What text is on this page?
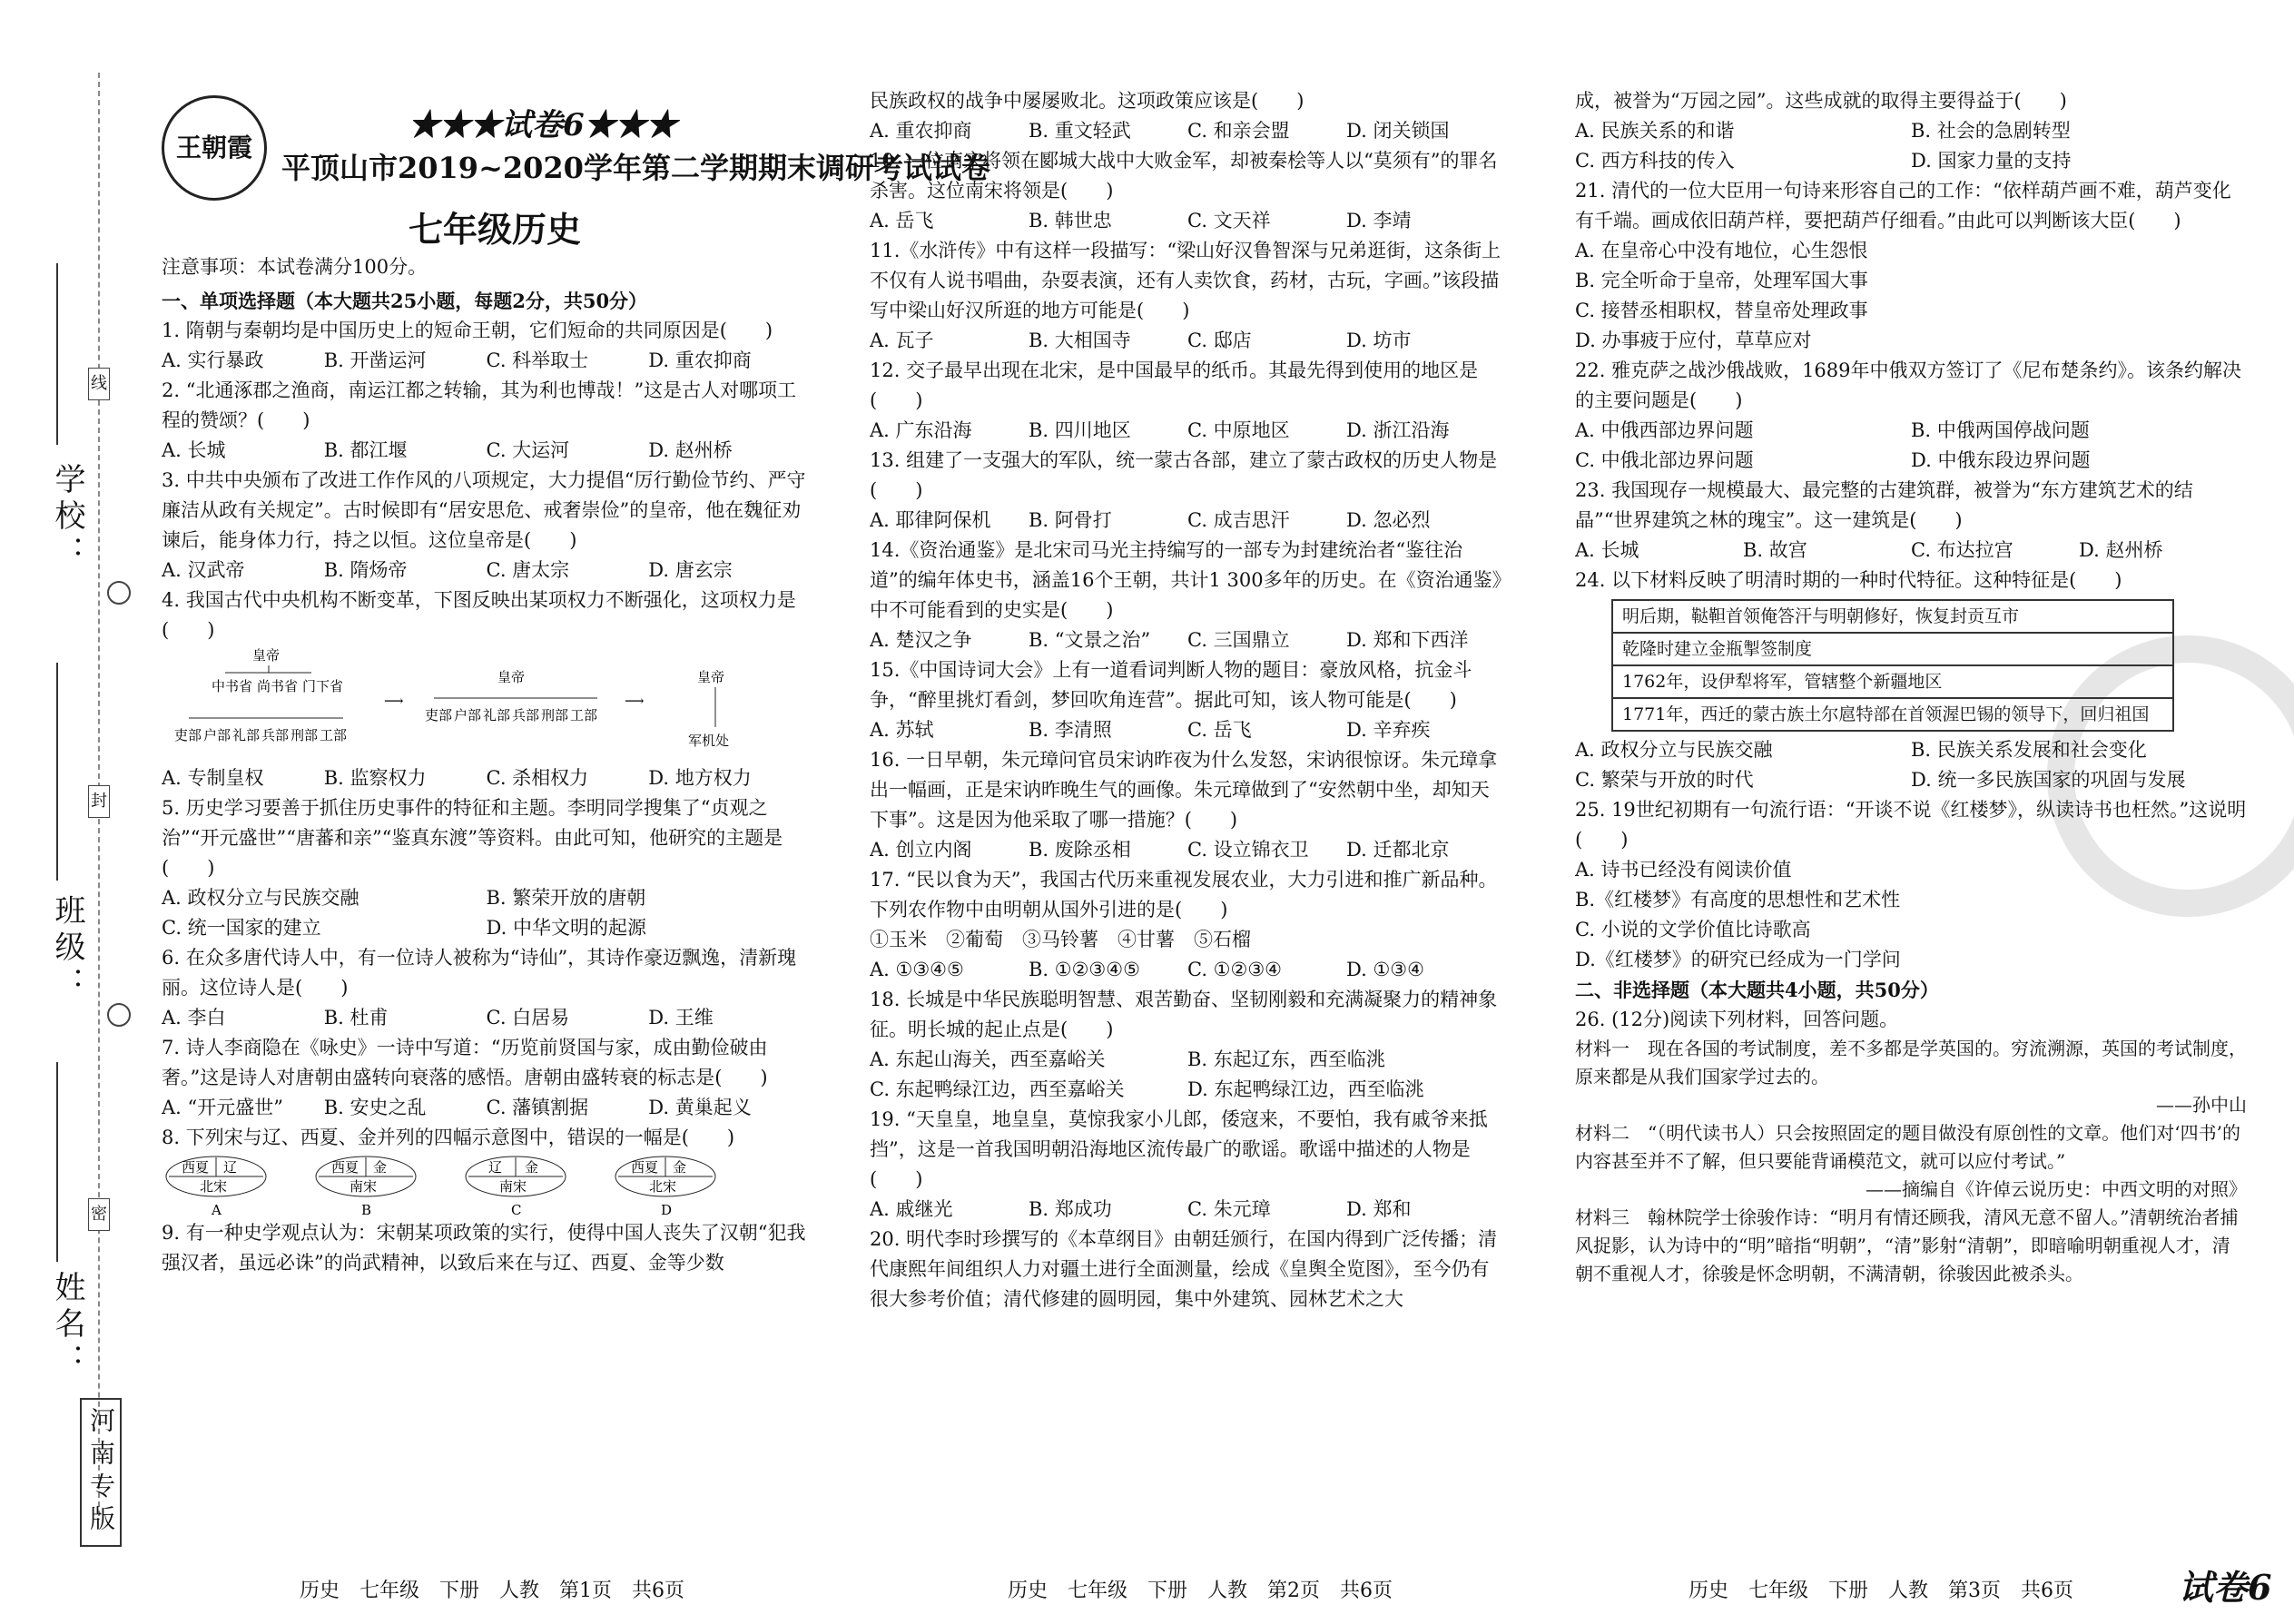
学校：
班级：
姓名：
线
封
密
河南专版
王朝霞
★★★试卷6★★★
平顶山市2019~2020学年第二学期期末调研考试试卷
七年级历史
注意事项：本试卷满分100分。

一、单项选择题（本大题共25小题，每题2分，共50分）

1. 隋朝与秦朝均是中国历史上的短命王朝，它们短命的共同原因是(　　)

A. 实行暴政	B. 开凿运河	C. 科举取士	D. 重农抑商

2. “北通涿郡之渔商，南运江都之转输，其为利也博哉！”这是古人对哪项工程的赞颂？(　　)

A. 长城	B. 都江堰	C. 大运河	D. 赵州桥

3. 中共中央颁布了改进工作作风的八项规定，大力提倡“厉行勤俭节约、严守廉洁从政有关规定”。古时候即有“居安思危、戒奢崇俭”的皇帝，他在魏征劝谏后，能身体力行，持之以恒。这位皇帝是(　　)

A. 汉武帝	B. 隋炀帝	C. 唐太宗	D. 唐玄宗

4. 我国古代中央机构不断变革，下图反映出某项权力不断强化，这项权力是(　　)

皇帝
中书省 尚书省 门下省
吏部 户部 礼部 兵部 刑部 工部
⟶
皇帝
吏部 户部 礼部 兵部 刑部 工部
⟶
皇帝
军机处
A. 专制皇权	B. 监察权力	C. 杀相权力	D. 地方权力

5. 历史学习要善于抓住历史事件的特征和主题。李明同学搜集了“贞观之治”“开元盛世”“唐蕃和亲”“鉴真东渡”等资料。由此可知，他研究的主题是(　　)

A. 政权分立与民族交融	B. 繁荣开放的唐朝
C. 统一国家的建立	D. 中华文明的起源

6. 在众多唐代诗人中，有一位诗人被称为“诗仙”，其诗作豪迈飘逸，清新瑰丽。这位诗人是(　　)

A. 李白	B. 杜甫	C. 白居易	D. 王维

7. 诗人李商隐在《咏史》一诗中写道：“历览前贤国与家，成由勤俭破由奢。”这是诗人对唐朝由盛转向衰落的感悟。唐朝由盛转衰的标志是(　　)

A. “开元盛世”	B. 安史之乱	C. 藩镇割据	D. 黄巢起义

8. 下列宋与辽、西夏、金并列的四幅示意图中，错误的一幅是(　　)

西夏 辽
北宋
A
西夏 金
南宋
B
辽 金
南宋
C
西夏 金
北宋
D

9. 有一种史学观点认为：宋朝某项政策的实行，使得中国人丧失了汉朝“犯我强汉者，虽远必诛”的尚武精神，以致后来在与辽、西夏、金等少数

历史　七年级　下册　人教　第1页　共6页

民族政权的战争中屡屡败北。这项政策应该是(　　)

A. 重农抑商	B. 重文轻武	C. 和亲会盟	D. 闭关锁国

10. 一位南宋将领在郾城大战中大败金军，却被秦桧等人以“莫须有”的罪名杀害。这位南宋将领是(　　)

A. 岳飞	B. 韩世忠	C. 文天祥	D. 李靖

11.《水浒传》中有这样一段描写：“梁山好汉鲁智深与兄弟逛街，这条街上不仅有人说书唱曲，杂耍表演，还有人卖饮食，药材，古玩，字画。”该段描写中梁山好汉所逛的地方可能是(　　)

A. 瓦子	B. 大相国寺	C. 邸店	D. 坊市

12. 交子最早出现在北宋，是中国最早的纸币。其最先得到使用的地区是(　　)

A. 广东沿海	B. 四川地区	C. 中原地区	D. 浙江沿海

13. 组建了一支强大的军队，统一蒙古各部，建立了蒙古政权的历史人物是(　　)

A. 耶律阿保机	B. 阿骨打	C. 成吉思汗	D. 忽必烈

14.《资治通鉴》是北宋司马光主持编写的一部专为封建统治者“鉴往治道”的编年体史书，涵盖16个王朝，共计1 300多年的历史。在《资治通鉴》中不可能看到的史实是(　　)

A. 楚汉之争	B. “文景之治”	C. 三国鼎立	D. 郑和下西洋

15.《中国诗词大会》上有一道看词判断人物的题目：豪放风格，抗金斗争，“醉里挑灯看剑，梦回吹角连营”。据此可知，该人物可能是(　　)

A. 苏轼	B. 李清照	C. 岳飞	D. 辛弃疾

16. 一日早朝，朱元璋问官员宋讷昨夜为什么发怒，宋讷很惊讶。朱元璋拿出一幅画，正是宋讷昨晚生气的画像。朱元璋做到了“安然朝中坐，却知天下事”。这是因为他采取了哪一措施？(　　)

A. 创立内阁	B. 废除丞相	C. 设立锦衣卫	D. 迁都北京

17. “民以食为天”，我国古代历来重视发展农业，大力引进和推广新品种。下列农作物中由明朝从国外引进的是(　　)

①玉米　②葡萄　③马铃薯　④甘薯　⑤石榴

A. ①③④⑤	B. ①②③④⑤	C. ①②③④	D. ①③④

18. 长城是中华民族聪明智慧、艰苦勤奋、坚韧刚毅和充满凝聚力的精神象征。明长城的起止点是(　　)

A. 东起山海关，西至嘉峪关	B. 东起辽东，西至临洮
C. 东起鸭绿江边，西至嘉峪关	D. 东起鸭绿江边，西至临洮

19. “天皇皇，地皇皇，莫惊我家小儿郎，倭寇来，不要怕，我有戚爷来抵挡”，这是一首我国明朝沿海地区流传最广的歌谣。歌谣中描述的人物是(　　)

A. 戚继光	B. 郑成功	C. 朱元璋	D. 郑和

20. 明代李时珍撰写的《本草纲目》由朝廷颁行，在国内得到广泛传播；清代康熙年间组织人力对疆土进行全面测量，绘成《皇舆全览图》，至今仍有很大参考价值；清代修建的圆明园，集中外建筑、园林艺术之大

历史　七年级　下册　人教　第2页　共6页

成，被誉为“万园之园”。这些成就的取得主要得益于(　　)

A. 民族关系的和谐	B. 社会的急剧转型
C. 西方科技的传入	D. 国家力量的支持

21. 清代的一位大臣用一句诗来形容自己的工作：“依样葫芦画不难，葫芦变化有千端。画成依旧葫芦样，要把葫芦仔细看。”由此可以判断该大臣(　　)

A. 在皇帝心中没有地位，心生怨恨

B. 完全听命于皇帝，处理军国大事

C. 接替丞相职权，替皇帝处理政事

D. 办事疲于应付，草草应对

22. 雅克萨之战沙俄战败，1689年中俄双方签订了《尼布楚条约》。该条约解决的主要问题是(　　)

A. 中俄西部边界问题	B. 中俄两国停战问题
C. 中俄北部边界问题	D. 中俄东段边界问题

23. 我国现存一规模最大、最完整的古建筑群，被誉为“东方建筑艺术的结晶”“世界建筑之林的瑰宝”。这一建筑是(　　)

A. 长城	B. 故宫	C. 布达拉宫	D. 赵州桥

24. 以下材料反映了明清时期的一种时代特征。这种特征是(　　)

明后期，鞑靼首领俺答汗与明朝修好，恢复封贡互市
乾隆时建立金瓶掣签制度
1762年，设伊犁将军，管辖整个新疆地区
1771年，西迁的蒙古族土尔扈特部在首领渥巴锡的领导下，回归祖国
A. 政权分立与民族交融	B. 民族关系发展和社会变化
C. 繁荣与开放的时代	D. 统一多民族国家的巩固与发展

25. 19世纪初期有一句流行语：“开谈不说《红楼梦》，纵读诗书也枉然。”这说明(　　)

A. 诗书已经没有阅读价值

B.《红楼梦》有高度的思想性和艺术性

C. 小说的文学价值比诗歌高

D.《红楼梦》的研究已经成为一门学问

二、非选择题（本大题共4小题，共50分）

26. (12分)阅读下列材料，回答问题。

材料一　现在各国的考试制度，差不多都是学英国的。穷流溯源，英国的考试制度，原来都是从我们国家学过去的。

——孙中山

材料二　“（明代读书人）只会按照固定的题目做没有原创性的文章。他们对‘四书’的内容甚至并不了解，但只要能背诵模范文，就可以应付考试。”

——摘编自《许倬云说历史：中西文明的对照》

材料三　翰林院学士徐骏作诗：“明月有情还顾我，清风无意不留人。”清朝统治者捕风捉影，认为诗中的“明”暗指“明朝”，“清”影射“清朝”，即暗喻明朝重视人才，清朝不重视人才，徐骏是怀念明朝，不满清朝，徐骏因此被杀头。

历史　七年级　下册　人教　第3页　共6页	试卷6
